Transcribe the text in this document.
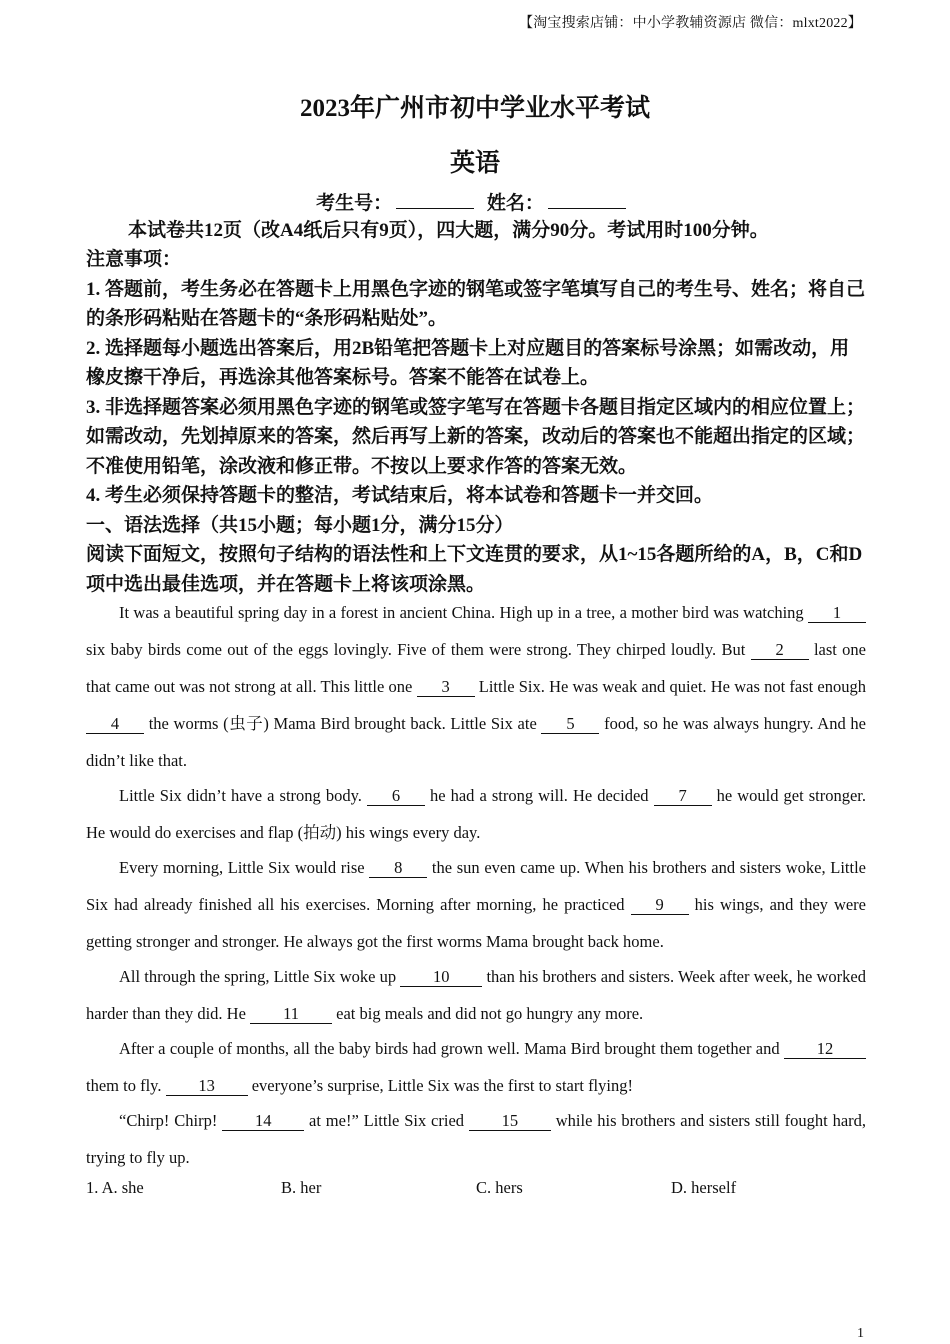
【淘宝搜索店铺：中小学教辅资源店 微信：mlxt2022】
2023年广州市初中学业水平考试
英语
考生号：	姓名：
本试卷共12页（改A4纸后只有9页），四大题，满分90分。考试用时100分钟。

注意事项：

1. 答题前，考生务必在答题卡上用黑色字迹的钢笔或签字笔填写自己的考生号、姓名；将自己的条形码粘贴在答题卡的“条形码粘贴处”。

2. 选择题每小题选出答案后，用2B铅笔把答题卡上对应题目的答案标号涂黑；如需改动，用橡皮擦干净后，再选涂其他答案标号。答案不能答在试卷上。

3. 非选择题答案必须用黑色字迹的钢笔或签字笔写在答题卡各题目指定区域内的相应位置上；如需改动，先划掉原来的答案，然后再写上新的答案，改动后的答案也不能超出指定的区域；不准使用铅笔，涂改液和修正带。不按以上要求作答的答案无效。

4. 考生必须保持答题卡的整洁，考试结束后，将本试卷和答题卡一并交回。

一、语法选择（共15小题；每小题1分，满分15分）

阅读下面短文，按照句子结构的语法性和上下文连贯的要求，从1~15各题所给的A，B，C和D项中选出最佳选项，并在答题卡上将该项涂黑。

It was a beautiful spring day in a forest in ancient China. High up in a tree, a mother bird was watching 1 six baby birds come out of the eggs lovingly. Five of them were strong. They chirped loudly. But 2 last one that came out was not strong at all. This little one 3 Little Six. He was weak and quiet. He was not fast enough 4 the worms (虫子) Mama Bird brought back. Little Six ate 5 food, so he was always hungry. And he didn’t like that.

Little Six didn’t have a strong body. 6 he had a strong will. He decided 7 he would get stronger. He would do exercises and flap (拍动) his wings every day.

Every morning, Little Six would rise 8 the sun even came up. When his brothers and sisters woke, Little Six had already finished all his exercises. Morning after morning, he practiced 9 his wings, and they were getting stronger and stronger. He always got the first worms Mama brought back home.

All through the spring, Little Six woke up 10 than his brothers and sisters. Week after week, he worked harder than they did. He 11 eat big meals and did not go hungry any more.

After a couple of months, all the baby birds had grown well. Mama Bird brought them together and 12 them to fly. 13 everyone’s surprise, Little Six was the first to start flying!

“Chirp! Chirp! 14 at me!” Little Six cried 15 while his brothers and sisters still fought hard, trying to fly up.

1. A. she	B. her	C. hers	D. herself
1
